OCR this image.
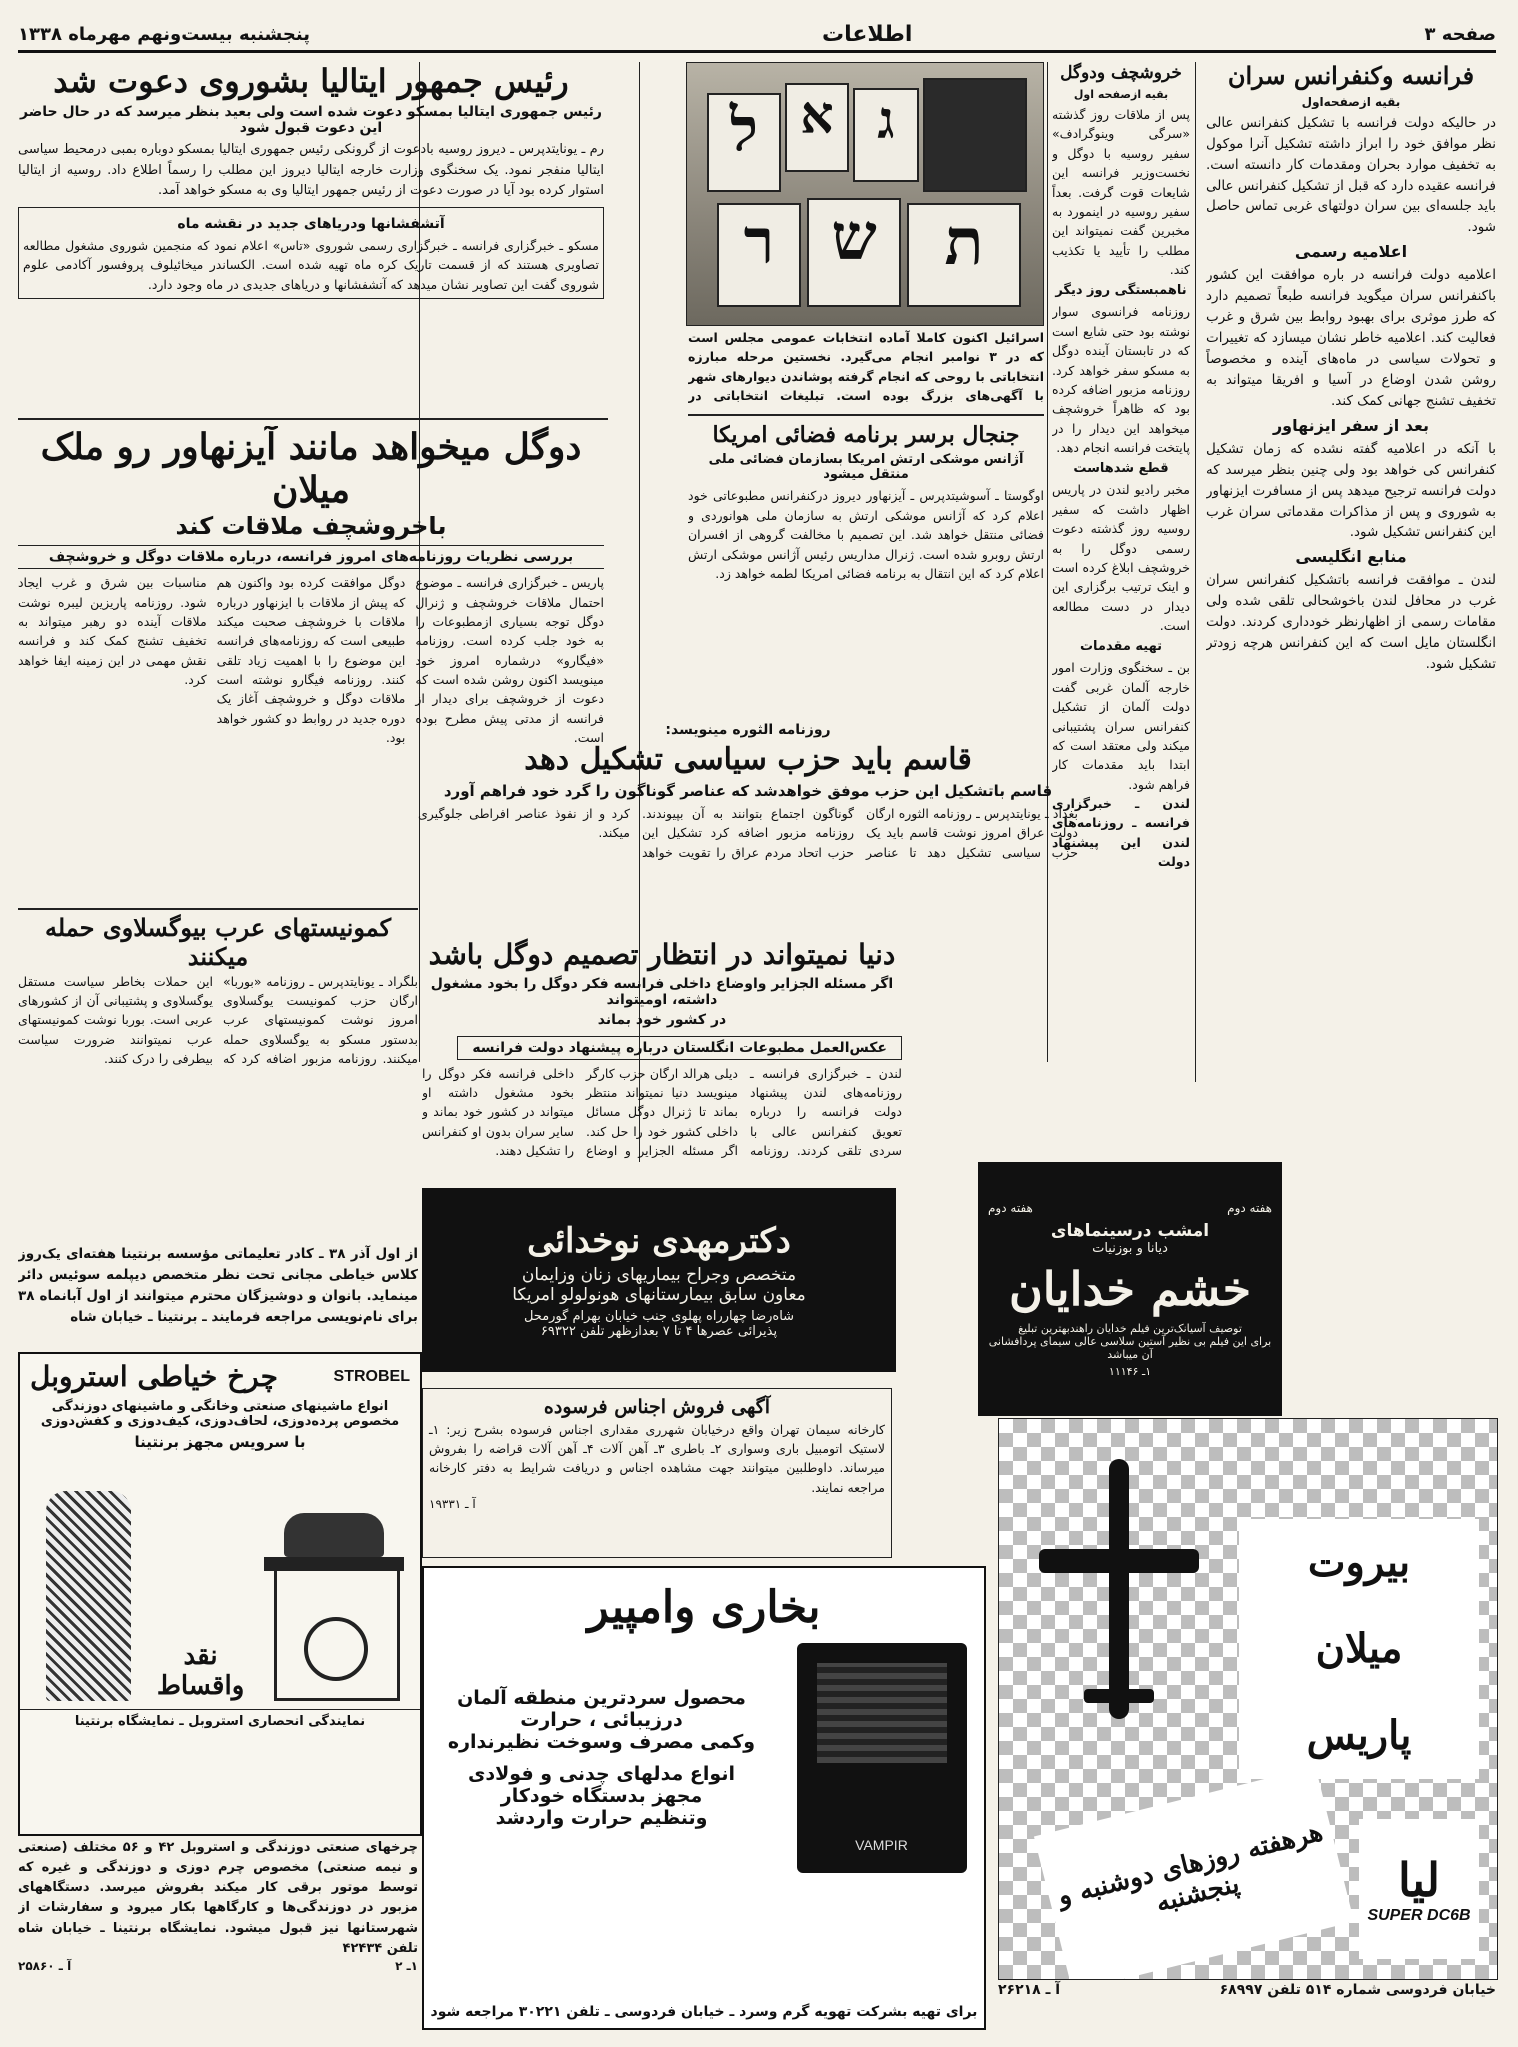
صفحه ۳
اطلاعات
پنجشنبه بیست‌ونهم مهرماه ۱۳۳۸
فرانسه وکنفرانس سران
بقیه ازصفحه‌اول
در حالیکه دولت فرانسه با تشکیل کنفرانس عالی نظر موافق خود را ابراز داشته تشکیل آنرا موکول به تخفیف موارد بحران ومقدمات کار دانسته است. فرانسه عقیده دارد که قبل از تشکیل کنفرانس عالی باید جلسه‌ای بین سران دولتهای غربی تماس حاصل شود.
اعلامیه رسمی
اعلامیه دولت فرانسه در باره موافقت این کشور باکنفرانس سران میگوید فرانسه طبعاً تصمیم دارد که طرز موثری برای بهبود روابط بین شرق و غرب فعالیت کند. اعلامیه خاطر نشان میسازد که تغییرات و تحولات سیاسی در ماه‌های آینده و مخصوصاً روشن شدن اوضاع در آسیا و افریقا میتواند به تخفیف تشنج جهانی کمک کند.
بعد از سفر ایزنهاور
با آنکه در اعلامیه گفته نشده که زمان تشکیل کنفرانس کی خواهد بود ولی چنین بنظر میرسد که دولت فرانسه ترجیح میدهد پس از مسافرت ایزنهاور به شوروی و پس از مذاکرات مقدماتی سران غرب این کنفرانس تشکیل شود.
منابع انگلیسی
لندن ـ موافقت فرانسه باتشکیل کنفرانس سران غرب در محافل لندن باخوشحالی تلقی شده ولی مقامات رسمی از اظهارنظر خودداری کردند. دولت انگلستان مایل است که این کنفرانس هرچه زودتر تشکیل شود.
خروشچف ودوگل
بقیه ازصفحه اول
پس از ملاقات روز گذشته «سرگی وینوگرادف» سفیر روسیه با دوگل و نخست‌وزیر فرانسه این شایعات قوت گرفت. بعداً سفیر روسیه در اینمورد به مخبرین گفت نمیتواند این مطلب را تأیید یا تکذیب کند.
ناهمبستگی روز دیگر
روزنامه فرانسوی سوار نوشته بود حتی شایع است که در تابستان آینده دوگل به مسکو سفر خواهد کرد. روزنامه مزبور اضافه کرده بود که ظاهراً خروشچف میخواهد این دیدار را در پایتخت فرانسه انجام دهد.
قطع شدهاست
مخبر رادیو لندن در پاریس اظهار داشت که سفیر روسیه روز گذشته دعوت رسمی دوگل را به خروشچف ابلاغ کرده است و اینک ترتیب برگزاری این دیدار در دست مطالعه است.
تهیه مقدمات
بن ـ سخنگوی وزارت امور خارجه آلمان غربی گفت دولت آلمان از تشکیل کنفرانس سران پشتیبانی میکند ولی معتقد است که ابتدا باید مقدمات کار فراهم شود.
لندن ـ خبرگزاری فرانسه ـ روزنامه‌های لندن این پیشنهاد دولت
ל א ג
ר ש	ת
اسرائیل اکنون کاملا آماده انتخابات عمومی مجلس است که در ۳ نوامبر انجام می‌گیرد. نخستین مرحله مبارزه انتخاباتی با روحی که انجام گرفته پوشاندن دیوار‌های شهر با آگهی‌های بزرگ بوده است. تبلیغات انتخاباتی در
رئیس جمهور ایتالیا بشوروی دعوت شد
رئیس جمهوری ایتالیا بمسکو دعوت شده است ولی بعید بنظر میرسد که در حال حاضر این دعوت قبول شود
رم ـ یونایتدپرس ـ دیروز روسیه بادعوت از گرونکی رئیس جمهوری ایتالیا بمسکو دوباره بمبی درمحیط سیاسی ایتالیا منفجر نمود. یک سخنگوی وزارت خارجه ایتالیا دیروز این مطلب را رسماً اطلاع داد. روسیه از ایتالیا استوار کرده بود آیا در صورت دعوت از رئیس جمهور ایتالیا وی به مسکو خواهد آمد.
آتشفشانها ودریاهای جدید در نقشه ماه
مسکو ـ خبرگزاری فرانسه ـ خبرگزاری رسمی شوروی «تاس» اعلام نمود که منجمین شوروی مشغول مطالعه تصاویری هستند که از قسمت تاریک کره ماه تهیه شده است. الکساندر میخائیلوف پروفسور آکادمی علوم شوروی گفت این تصاویر نشان میدهد که آتشفشانها و دریاهای جدیدی در ماه وجود دارد.
دوگل میخواهد مانند آیزنهاور رو ملک میلان
باخروشچف ملاقات کند
بررسی نظریات روزنامه‌های امروز فرانسه، درباره ملاقات دوگل و خروشچف
پاریس ـ خبرگزاری فرانسه ـ موضوع احتمال ملاقات خروشچف و ژنرال دوگل توجه بسیاری ازمطبوعات را به خود جلب کرده است. روزنامه «فیگارو» درشماره امروز خود مینویسد اکنون روشن شده است که دعوت از خروشچف برای دیدار از فرانسه از مدتی پیش مطرح بوده است.
دوگل موافقت کرده بود واکنون هم که پیش از ملاقات با ایزنهاور درباره ملاقات با خروشچف صحبت میکند طبیعی است که روزنامه‌های فرانسه این موضوع را با اهمیت زیاد تلقی کنند. روزنامه فیگارو نوشته است ملاقات دوگل و خروشچف آغاز یک دوره جدید در روابط دو کشور خواهد بود.
مناسبات بین شرق و غرب ایجاد شود. روزنامه پاریزین لیبره نوشت ملاقات آینده دو رهبر میتواند به تخفیف تشنج کمک کند و فرانسه نقش مهمی در این زمینه ایفا خواهد کرد.
جنجال برسر برنامه فضائی امریکا
آژانس موشکی ارتش امریکا بسازمان فضائی ملی منتقل میشود
اوگوستا ـ آسوشیتدپرس ـ آیزنهاور دیروز درکنفرانس مطبوعاتی خود اعلام کرد که آژانس موشکی ارتش به سازمان ملی هوانوردی و فضائی منتقل خواهد شد. این تصمیم با مخالفت گروهی از افسران ارتش روبرو شده است. ژنرال مداریس رئیس آژانس موشکی ارتش اعلام کرد که این انتقال به برنامه فضائی امریکا لطمه خواهد زد.
روزنامه الثوره مینویسد:
قاسم باید حزب سیاسی تشکیل دهد
قاسم باتشکیل این حزب موفق خواهدشد که عناصر گوناگون را گرد خود فراهم آورد
بغداد ـ یونایتدپرس ـ روزنامه الثوره ارگان دولت عراق امروز نوشت قاسم باید یک حزب سیاسی تشکیل دهد تا عناصر گوناگون اجتماع بتوانند به آن بپیوندند. روزنامه مزبور اضافه کرد تشکیل این حزب اتحاد مردم عراق را تقویت خواهد کرد و از نفوذ عناصر افراطی جلوگیری میکند.
کمونیستهای عرب بیوگسلاوی حمله میکنند
بلگراد ـ یونایتدپرس ـ روزنامه «بوربا» ارگان حزب کمونیست یوگسلاوی امروز نوشت کمونیستهای عرب بدستور مسکو به یوگسلاوی حمله میکنند. روزنامه مزبور اضافه کرد که این حملات بخاطر سیاست مستقل یوگسلاوی و پشتیبانی آن از کشورهای عربی است. بوربا نوشت کمونیستهای عرب نمیتوانند ضرورت سیاست بیطرفی را درک کنند.
دنیا نمیتواند در انتظار تصمیم دوگل باشد
اگر مسئله الجزایر واوضاع داخلی فرانسه فکر دوگل را بخود مشغول داشته، اومیتواند
در کشور خود بماند
عکس‌العمل مطبوعات انگلستان درباره پیشنهاد دولت فرانسه
لندن ـ خبرگزاری فرانسه ـ روزنامه‌های لندن پیشنهاد دولت فرانسه را درباره تعویق کنفرانس عالی با سردی تلقی کردند. روزنامه دیلی هرالد ارگان حزب کارگر مینویسد دنیا نمیتواند منتظر بماند تا ژنرال دوگل مسائل داخلی کشور خود را حل کند. اگر مسئله الجزایر و اوضاع داخلی فرانسه فکر دوگل را بخود مشغول داشته او میتواند در کشور خود بماند و سایر سران بدون او کنفرانس را تشکیل دهند.
هفته دوم
هفته دوم
امشب درسینماهای
دیانا و بوزنیات
خشم خدایان
توصیف آسیانک‌ترین فیلم خدایان راهندبهترین تبلیغ
برای این فیلم بی نظیر آستین سلاسی عالی سیمای پردافشانی
آن میباشد
۱ـ ۱۱۱۴۶
دکترمهدی نوخدائی
متخصص وجراح بیماریهای زنان وزایمان
معاون سابق بیمارستانهای هونولولو امریکا
شاه‌رضا چهارراه پهلوی جنب خیابان بهرام گورمحل
پذیرائی عصرها ۴ تا ۷ بعدازظهر تلفن ۶۹۳۲۲
آگهی فروش اجناس فرسوده
کارخانه سیمان تهران واقع درخیابان شهرری مقداری اجناس فرسوده بشرح زیر: ۱ـ لاستیک اتومبیل باری وسواری ۲ـ باطری ۳ـ آهن آلات ۴ـ آهن آلات قراضه را بفروش میرساند. داوطلبین میتوانند جهت مشاهده اجناس و دریافت شرایط به دفتر کارخانه مراجعه نمایند.
آ ـ ۱۹۳۳۱
از اول آذر ۳۸ ـ کادر تعلیماتی مؤسسه برنتینا هفته‌ای یک‌روز کلاس خیاطی مجانی تحت نظر متخصص دیپلمه سوئیس دائر مینماید. بانوان و دوشیزگان محترم میتوانند از اول آبانماه ۳۸ برای نام‌نویسی مراجعه فرمایند ـ برنتینا ـ خیابان شاه
STROBEL
چرخ خیاطی استروبل
انواع ماشینهای صنعتی وخانگی و ماشینهای دوزندگی
مخصوص پرده‌دوزی، لحاف‌دوزی، کیف‌دوزی و کفش‌دوزی
با سرویس مجهز برنتینا
نقد واقساط
نمایندگی انحصاری استروبل ـ نمایشگاه برنتینا
چرخهای صنعتی دوزندگی و استروبل ۴۲ و ۵۶ مختلف (صنعتی و نیمه صنعتی) مخصوص چرم دوزی و دوزندگی و غیره که توسط موتور برقی کار میکند بفروش میرسد. دستگاههای مزبور در دوزندگی‌ها و کارگاهها بکار میرود و سفارشات از شهرستانها نیز قبول میشود. نمایشگاه برنتینا ـ خیابان شاه تلفن ۴۲۴۳۴
۱ـ ۲
آ ـ ۲۵۸۶۰
بخاری وامپیر
VAMPIR
محصول سردترین منطقه آلمان درزیبائی ، حرارت
وکمی مصرف وسوخت نظیرنداره
انواع مدلهای چدنی و فولادی مجهز بدستگاه خودکار
وتنظیم حرارت واردشد
برای تهیه بشرکت تهویه گرم وسرد ـ خیابان فردوسی ـ تلفن ۳۰۲۲۱ مراجعه شود
بیروت
میلان
پاریس
هرهفته روزهای دوشنبه و پنجشنبه	لیا
SUPER DC6B
خیابان فردوسی شماره ۵۱۴ تلفن ۶۸۹۹۷
آ ـ ۲۶۲۱۸
